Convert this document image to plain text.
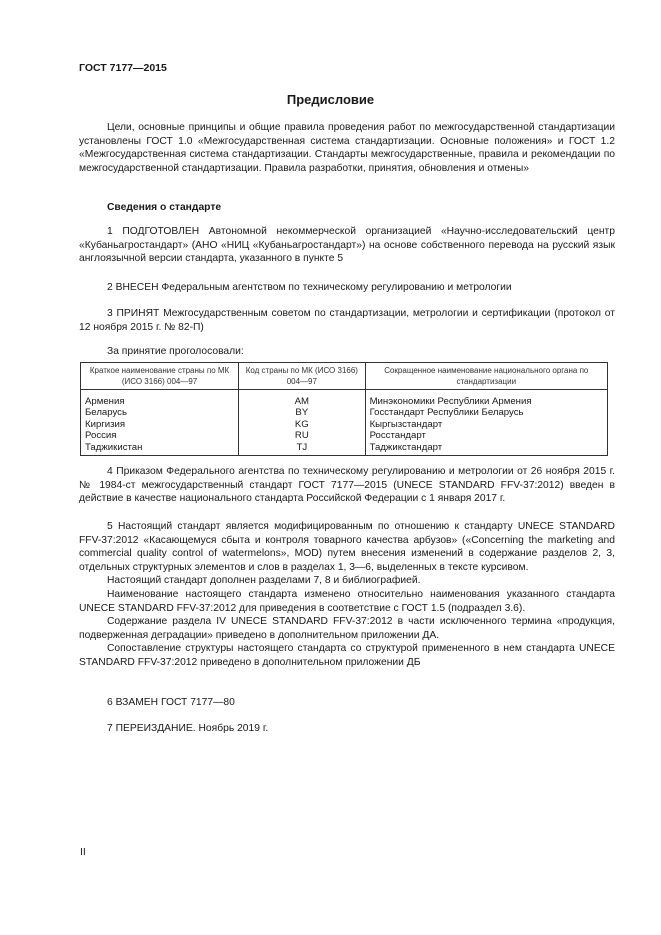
ГОСТ 7177—2015
Предисловие

Цели, основные принципы и общие правила проведения работ по межгосударственной стандартизации установлены ГОСТ 1.0 «Межгосударственная система стандартизации. Основные положения» и ГОСТ 1.2 «Межгосударственная система стандартизации. Стандарты межгосударственные, правила и рекомендации по межгосударственной стандартизации. Правила разработки, принятия, обновления и отмены»

Сведения о стандарте

1 ПОДГОТОВЛЕН Автономной некоммерческой организацией «Научно-исследовательский центр «Кубаньагростандарт» (АНО «НИЦ «Кубаньагростандарт») на основе собственного перевода на русский язык англоязычной версии стандарта, указанного в пункте 5

2 ВНЕСЕН Федеральным агентством по техническому регулированию и метрологии

3 ПРИНЯТ Межгосударственным советом по стандартизации, метрологии и сертификации (протокол от 12 ноября 2015 г. № 82-П)

За принятие проголосовали:
Краткое наименование страны по МК (ИСО 3166) 004—97	Код страны по МК (ИСО 3166) 004—97	Сокращенное наименование национального органа по стандартизации
Армения	AM	Минэкономики Республики Армения
Беларусь	BY	Госстандарт Республики Беларусь
Киргизия	KG	Кыргызстандарт
Россия	RU	Росстандарт
Таджикистан	TJ	Таджикстандарт

4 Приказом Федерального агентства по техническому регулированию и метрологии от 26 ноября 2015 г. № 1984-ст межгосударственный стандарт ГОСТ 7177—2015 (UNECE STANDARD FFV-37:2012) введен в действие в качестве национального стандарта Российской Федерации с 1 января 2017 г.

5 Настоящий стандарт является модифицированным по отношению к стандарту UNECE STANDARD FFV-37:2012 «Касающемуся сбыта и контроля товарного качества арбузов» («Concerning the marketing and commercial quality control of watermelons», MOD) путем внесения изменений в содержание разделов 2, 3, отдельных структурных элементов и слов в разделах 1, 3—6, выделенных в тексте курсивом.

Настоящий стандарт дополнен разделами 7, 8 и библиографией.

Наименование настоящего стандарта изменено относительно наименования указанного стандарта UNECE STANDARD FFV-37:2012 для приведения в соответствие с ГОСТ 1.5 (подраздел 3.6).

Содержание раздела IV UNECE STANDARD FFV-37:2012 в части исключенного термина «продукция, подверженная деградации» приведено в дополнительном приложении ДА.

Сопоставление структуры настоящего стандарта со структурой примененного в нем стандарта UNECE STANDARD FFV-37:2012 приведено в дополнительном приложении ДБ

6 ВЗАМЕН ГОСТ 7177—80

7 ПЕРЕИЗДАНИЕ. Ноябрь 2019 г.

II
